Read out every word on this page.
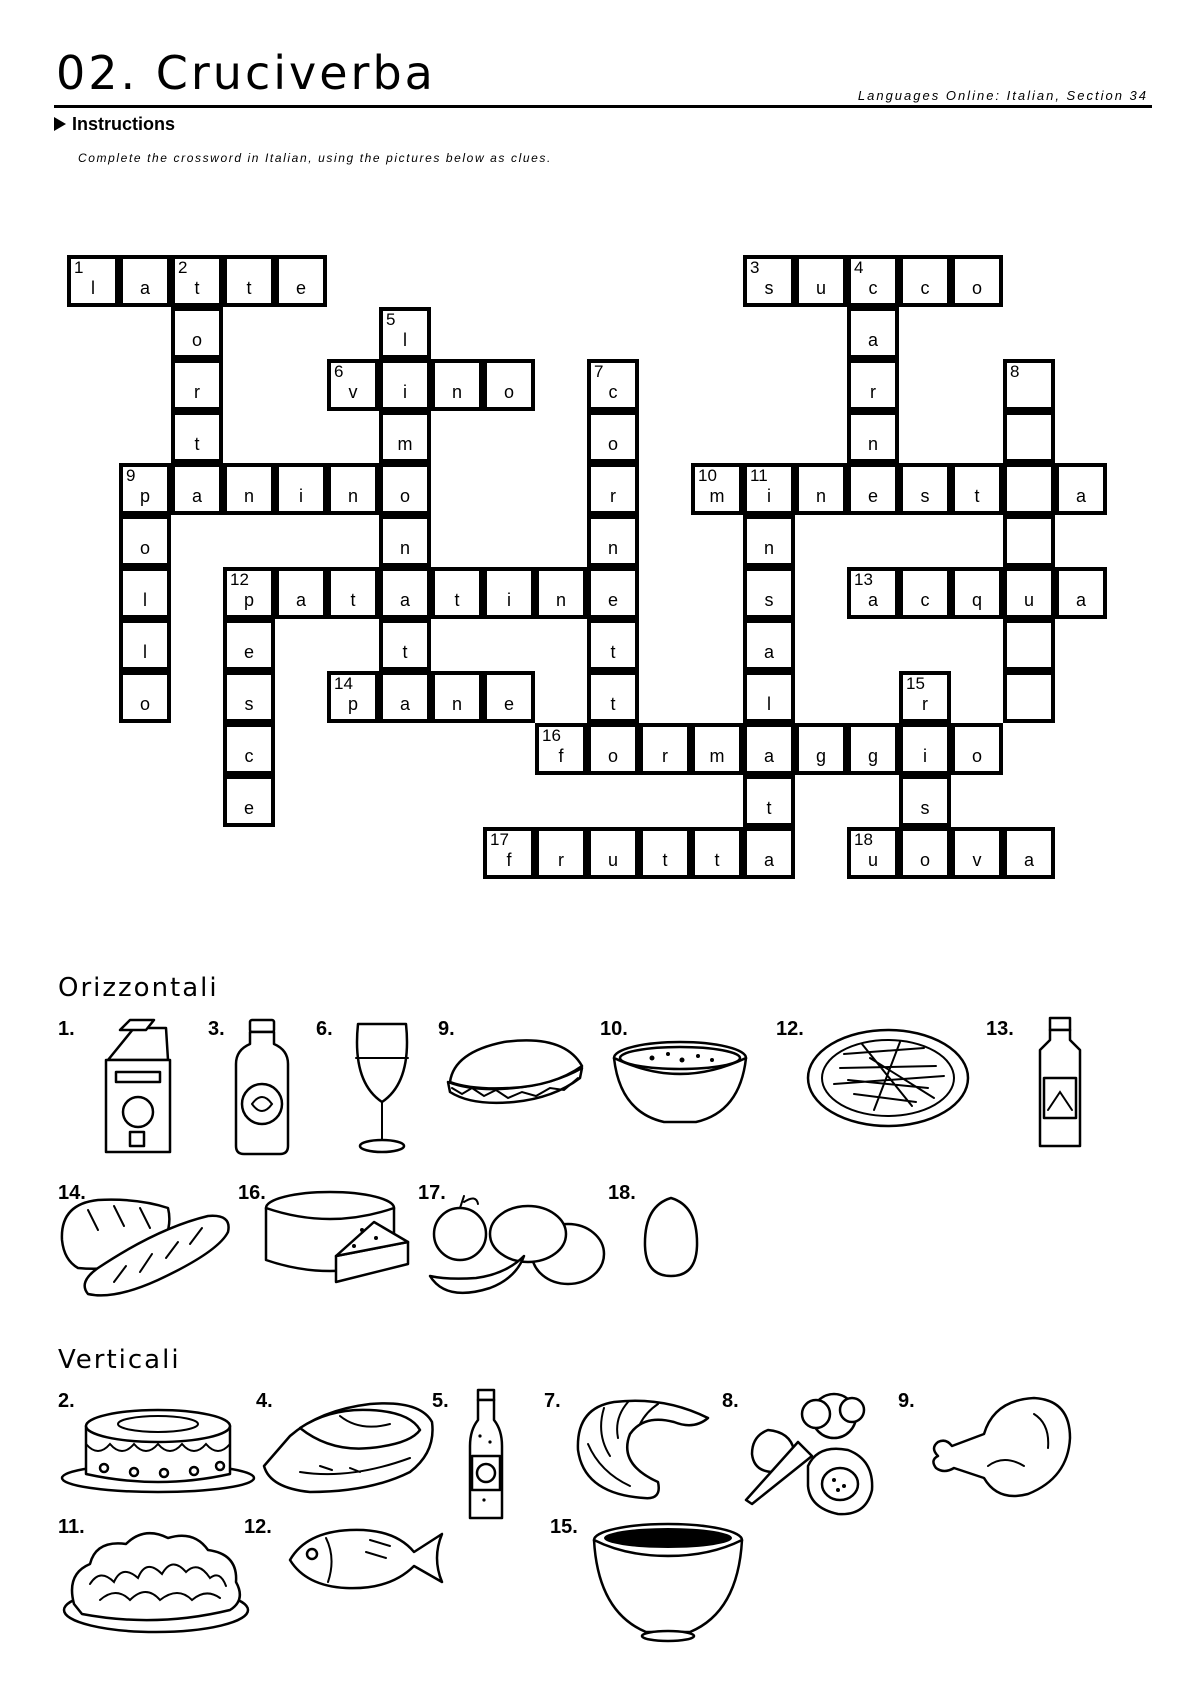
02. Cruciverba	Languages Online: Italian, Section 34
Instructions
Complete the crossword in Italian, using the pictures below as clues.
1
l	a
2
t	t	e
3
s	u
4
c	c	o
o
5
l	a
r
6
v	i	n	o
7
c	r
8
t	m	o	n
9
p	a	n	i	n	o	r
10
m
11
i	n	e	s	t	a
o	n	n	n
l
12
p	a	t	a	t	i	n	e	s
13
a	c	q	u	a
l	e	t	t	a
o	s
14
p	a	n	e	t	l
15
r
c
16
f	o	r	m	a	g	g	i	o
e	t	s
17
f	r	u	t	t	a
18
u	o	v	a
Orizzontali
1.	3.	6.	9.	10.	12.	13.
14.	16.	17.	18.
Verticali
2.	4.	5.	7.	8.	9.
11.	12.	15.
